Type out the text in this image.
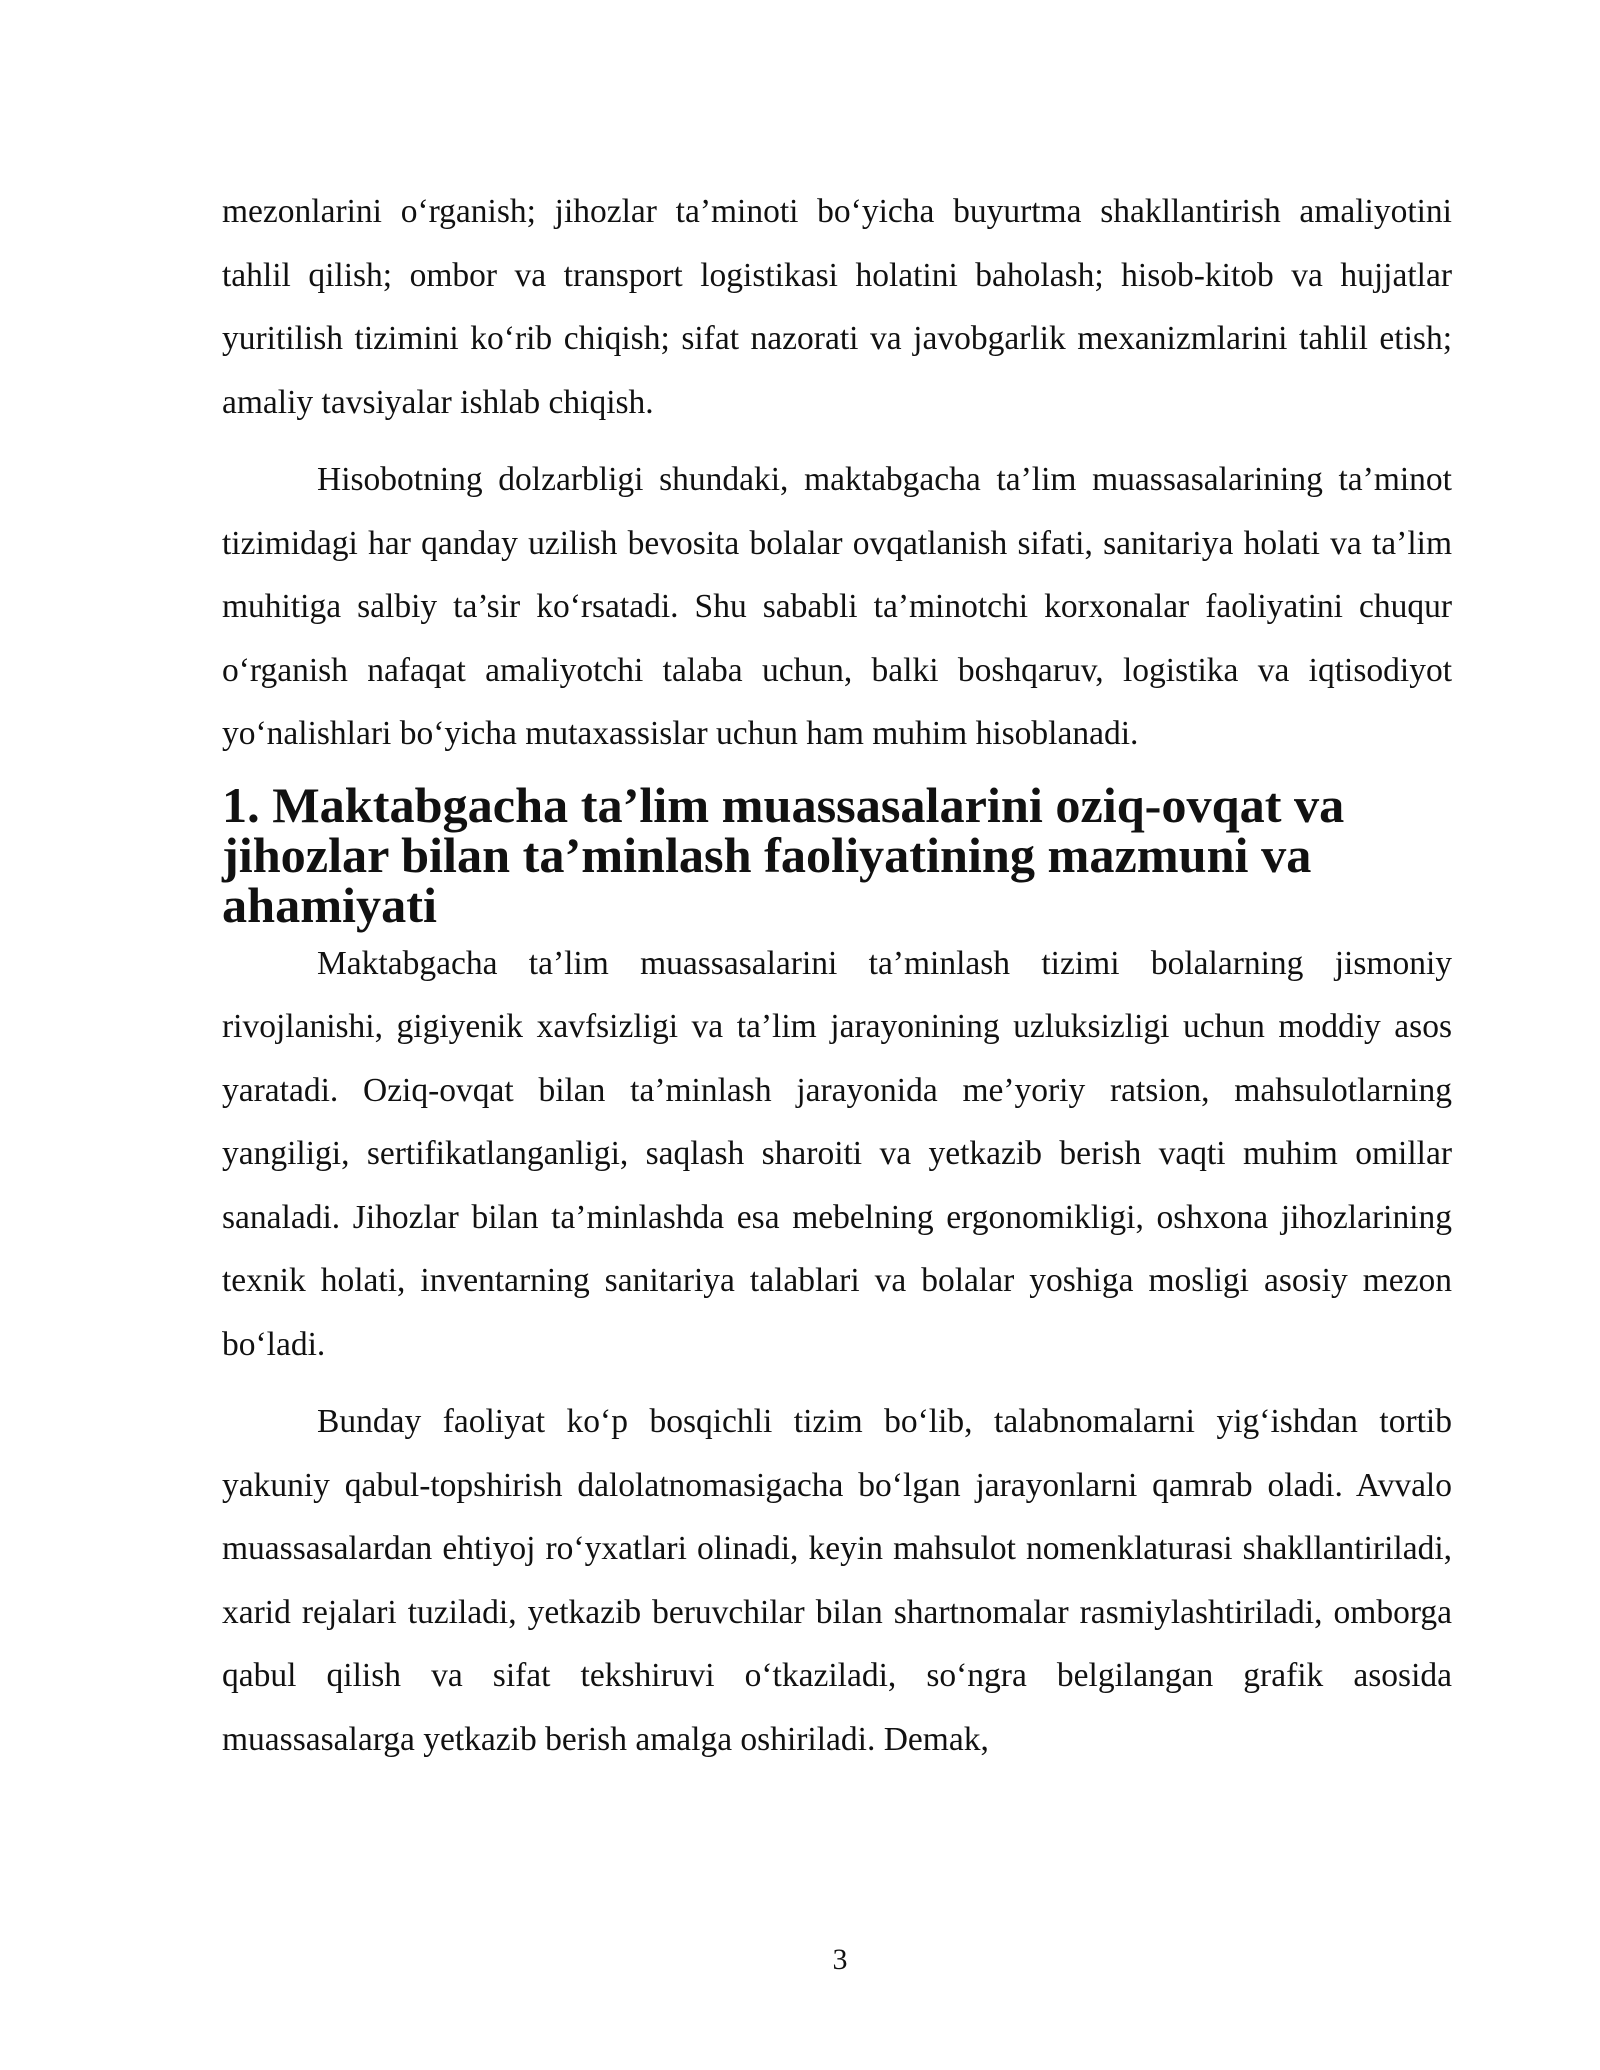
mezonlarini o‘rganish; jihozlar ta’minoti bo‘yicha buyurtma shakllantirish amaliyotini tahlil qilish; ombor va transport logistikasi holatini baholash; hisob-kitob va hujjatlar yuritilish tizimini ko‘rib chiqish; sifat nazorati va javobgarlik mexanizmlarini tahlil etish; amaliy tavsiyalar ishlab chiqish.

Hisobotning dolzarbligi shundaki, maktabgacha ta’lim muassasalarining ta’minot tizimidagi har qanday uzilish bevosita bolalar ovqatlanish sifati, sanitariya holati va ta’lim muhitiga salbiy ta’sir ko‘rsatadi. Shu sababli ta’minotchi korxonalar faoliyatini chuqur o‘rganish nafaqat amaliyotchi talaba uchun, balki boshqaruv, logistika va iqtisodiyot yo‘nalishlari bo‘yicha mutaxassislar uchun ham muhim hisoblanadi.

1. Maktabgacha ta’lim muassasalarini oziq-ovqat va jihozlar bilan ta’minlash faoliyatining mazmuni va ahamiyati

Maktabgacha ta’lim muassasalarini ta’minlash tizimi bolalarning jismoniy rivojlanishi, gigiyenik xavfsizligi va ta’lim jarayonining uzluksizligi uchun moddiy asos yaratadi. Oziq-ovqat bilan ta’minlash jarayonida me’yoriy ratsion, mahsulotlarning yangiligi, sertifikatlanganligi, saqlash sharoiti va yetkazib berish vaqti muhim omillar sanaladi. Jihozlar bilan ta’minlashda esa mebelning ergonomikligi, oshxona jihozlarining texnik holati, inventarning sanitariya talablari va bolalar yoshiga mosligi asosiy mezon bo‘ladi.

Bunday faoliyat ko‘p bosqichli tizim bo‘lib, talabnomalarni yig‘ishdan tortib yakuniy qabul-topshirish dalolatnomasigacha bo‘lgan jarayonlarni qamrab oladi. Avvalo muassasalardan ehtiyoj ro‘yxatlari olinadi, keyin mahsulot nomenklaturasi shakllantiriladi, xarid rejalari tuziladi, yetkazib beruvchilar bilan shartnomalar rasmiylashtiriladi, omborga qabul qilish va sifat tekshiruvi o‘tkaziladi, so‘ngra belgilangan grafik asosida muassasalarga yetkazib berish amalga oshiriladi. Demak,

3
